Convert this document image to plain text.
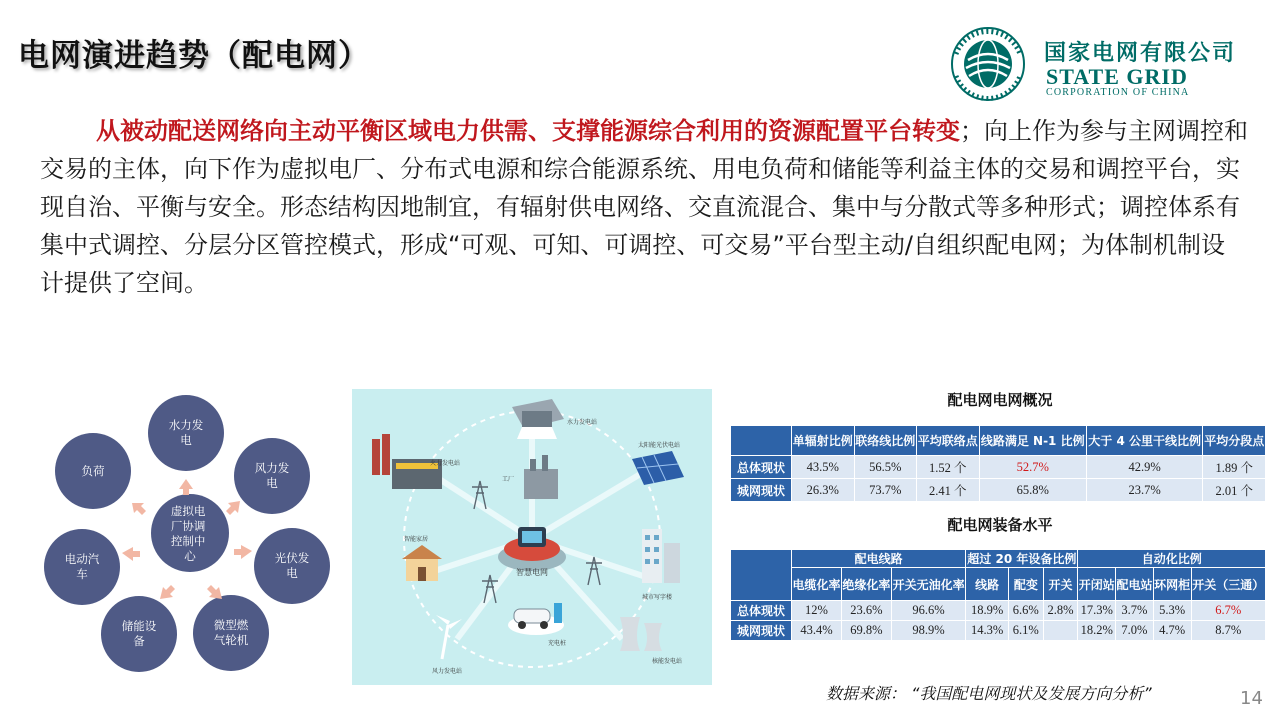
电网演进趋势（配电网）	国家电网有限公司
STATE GRID
CORPORATION OF CHINA
从被动配送网络向主动平衡区域电力供需、支撑能源综合利用的资源配置平台转变；向上作为参与主网调控和交易的主体，向下作为虚拟电厂、分布式电源和综合能源系统、用电负荷和储能等利益主体的交易和调控平台，实现自治、平衡与安全。形态结构因地制宜，有辐射供电网络、交直流混合、集中与分散式等多种形式；调控体系有集中式调控、分层分区管控模式，形成“可观、可知、可调控、可交易”平台型主动/自组织配电网；为体制机制设计提供了空间。
虚拟电 厂协调 控制中 心
水力发电
风力发电
光伏发电
微型燃气轮机
储能设备
电动汽车
负荷
智慧电网
水力发电站
火力发电站
太阳能光伏电站
工厂
智能家居
城市写字楼
充电桩
核能发电站
风力发电站
配电网电网概况
	单辐射比例	联络线比例	平均联络点	线路满足 N-1 比例	大于 4 公里干线比例	平均分段点
总体现状	43.5%	56.5%	1.52 个	52.7%	42.9%	1.89 个
城网现状	26.3%	73.7%	2.41 个	65.8%	23.7%	2.01 个
配电网装备水平
	配电线路			超过 20 年设备比例			自动化比例			
	电缆化率	绝缘化率	开关无油化率	线路	配变	开关	开闭站	配电站	环网柜	开关（三通）
总体现状	12%	23.6%	96.6%	18.9%	6.6%	2.8%	17.3%	3.7%	5.3%	6.7%
城网现状	43.4%	69.8%	98.9%	14.3%	6.1%		18.2%	7.0%	4.7%	8.7%
数据来源： “我国配电网现状及发展方向分析”	14
